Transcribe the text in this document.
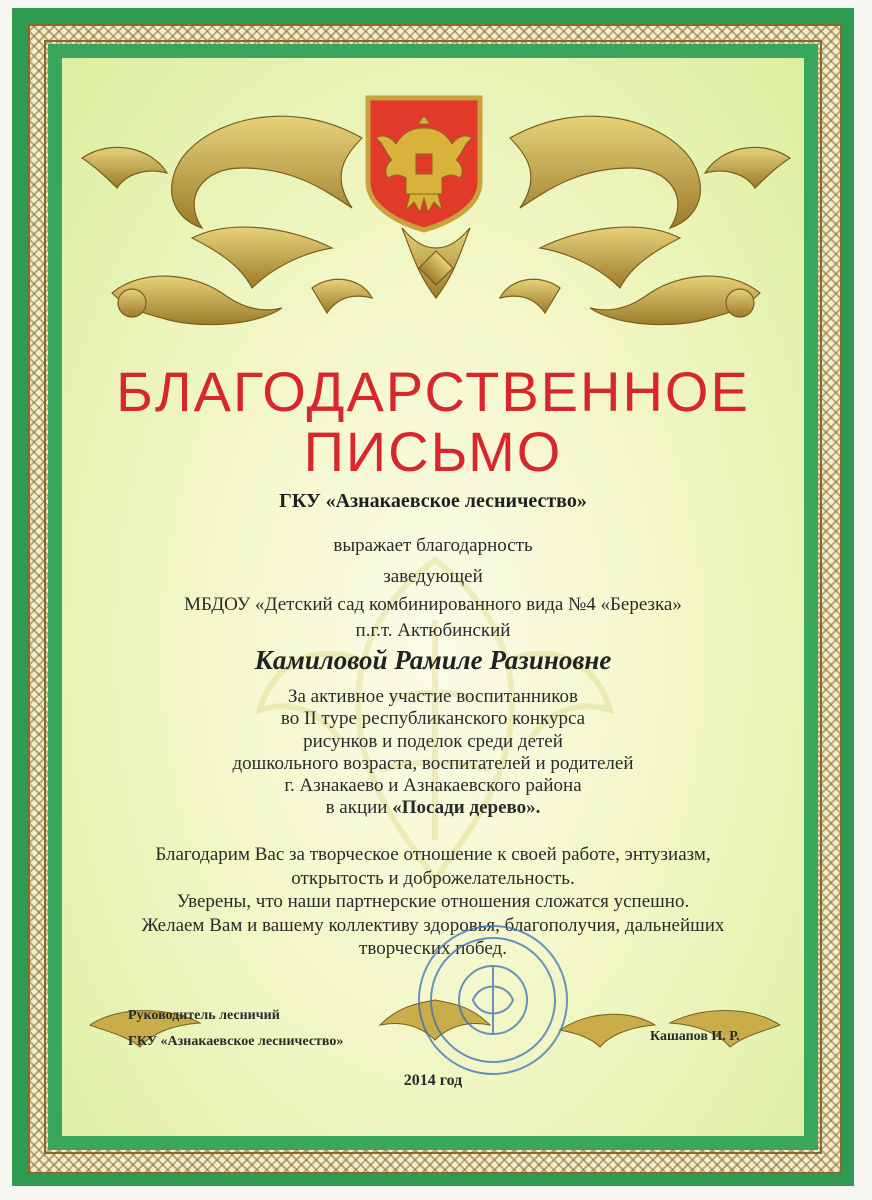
БЛАГОДАРСТВЕННОЕ
ПИСЬМО
ГКУ «Азнакаевское лесничество»
выражает благодарность
заведующей
МБДОУ «Детский сад комбинированного вида №4 «Березка»
п.г.т. Актюбинский
Камиловой Рамиле Разиновне
За активное участие воспитанников
во II туре республиканского конкурса
рисунков и поделок среди детей
дошкольного возраста, воспитателей и родителей
г. Азнакаево и Азнакаевского района
в акции «Посади дерево».
Благодарим Вас за творческое отношение к своей работе, энтузиазм,
открытость и доброжелательность.
Уверены, что наши партнерские отношения сложатся успешно.
Желаем Вам и вашему коллективу здоровья, благополучия, дальнейших
творческих побед.
Руководитель лесничий
ГКУ «Азнакаевское лесничество»	Кашапов И. Р.
2014 год
